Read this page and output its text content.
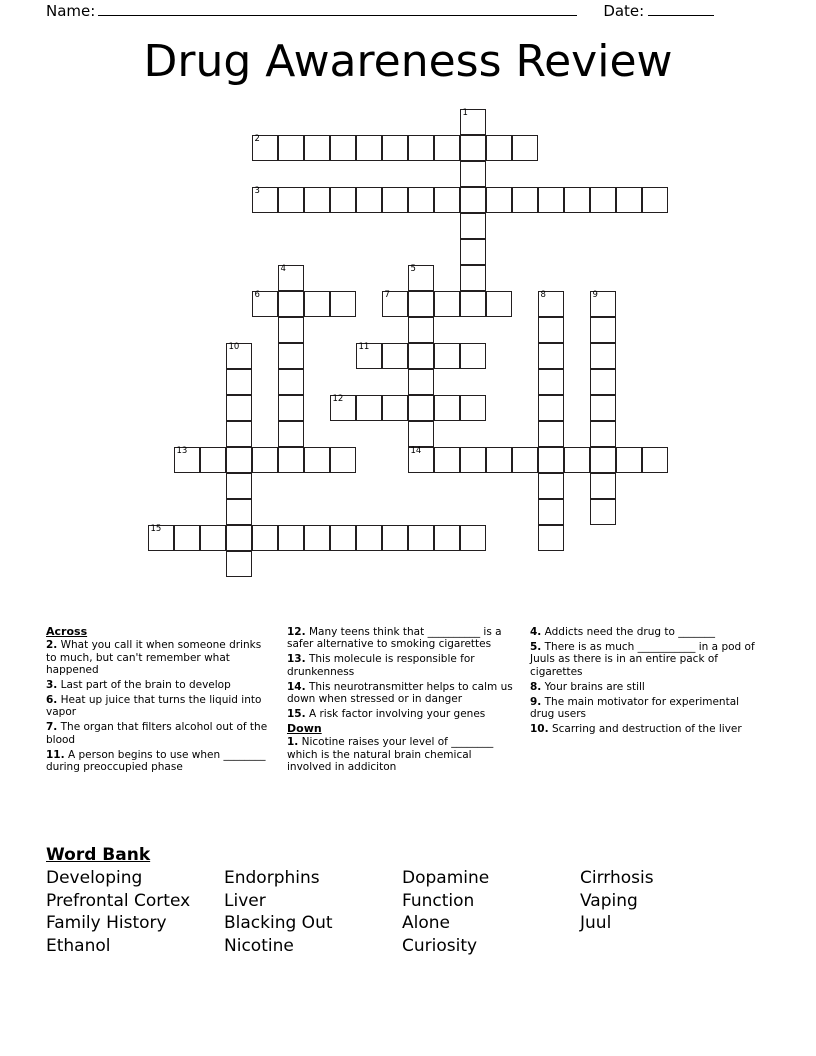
Name:	Date:
Drug Awareness Review
1
2
3
4	5
14
6	7	8	9
10	11
12
13
15
Across
2. What you call it when someone drinks to much, but can't remember what happened
3. Last part of the brain to develop
6. Heat up juice that turns the liquid into vapor
7. The organ that filters alcohol out of the blood
11. A person begins to use when ________ during preoccupied phase
12. Many teens think that __________ is a safer alternative to smoking cigarettes
13. This molecule is responsible for drunkenness
14. This neurotransmitter helps to calm us down when stressed or in danger
15. A risk factor involving your genes
Down
1. Nicotine raises your level of ________ which is the natural brain chemical involved in addiciton
4. Addicts need the drug to _______
5. There is as much ___________ in a pod of Juuls as there is in an entire pack of cigarettes
8. Your brains are still
9. The main motivator for experimental drug users
10. Scarring and destruction of the liver
Word Bank
Developing	Endorphins	Dopamine	Cirrhosis
Prefrontal Cortex	Liver	Function	Vaping
Family History	Blacking Out	Alone	Juul
Ethanol	Nicotine	Curiosity
